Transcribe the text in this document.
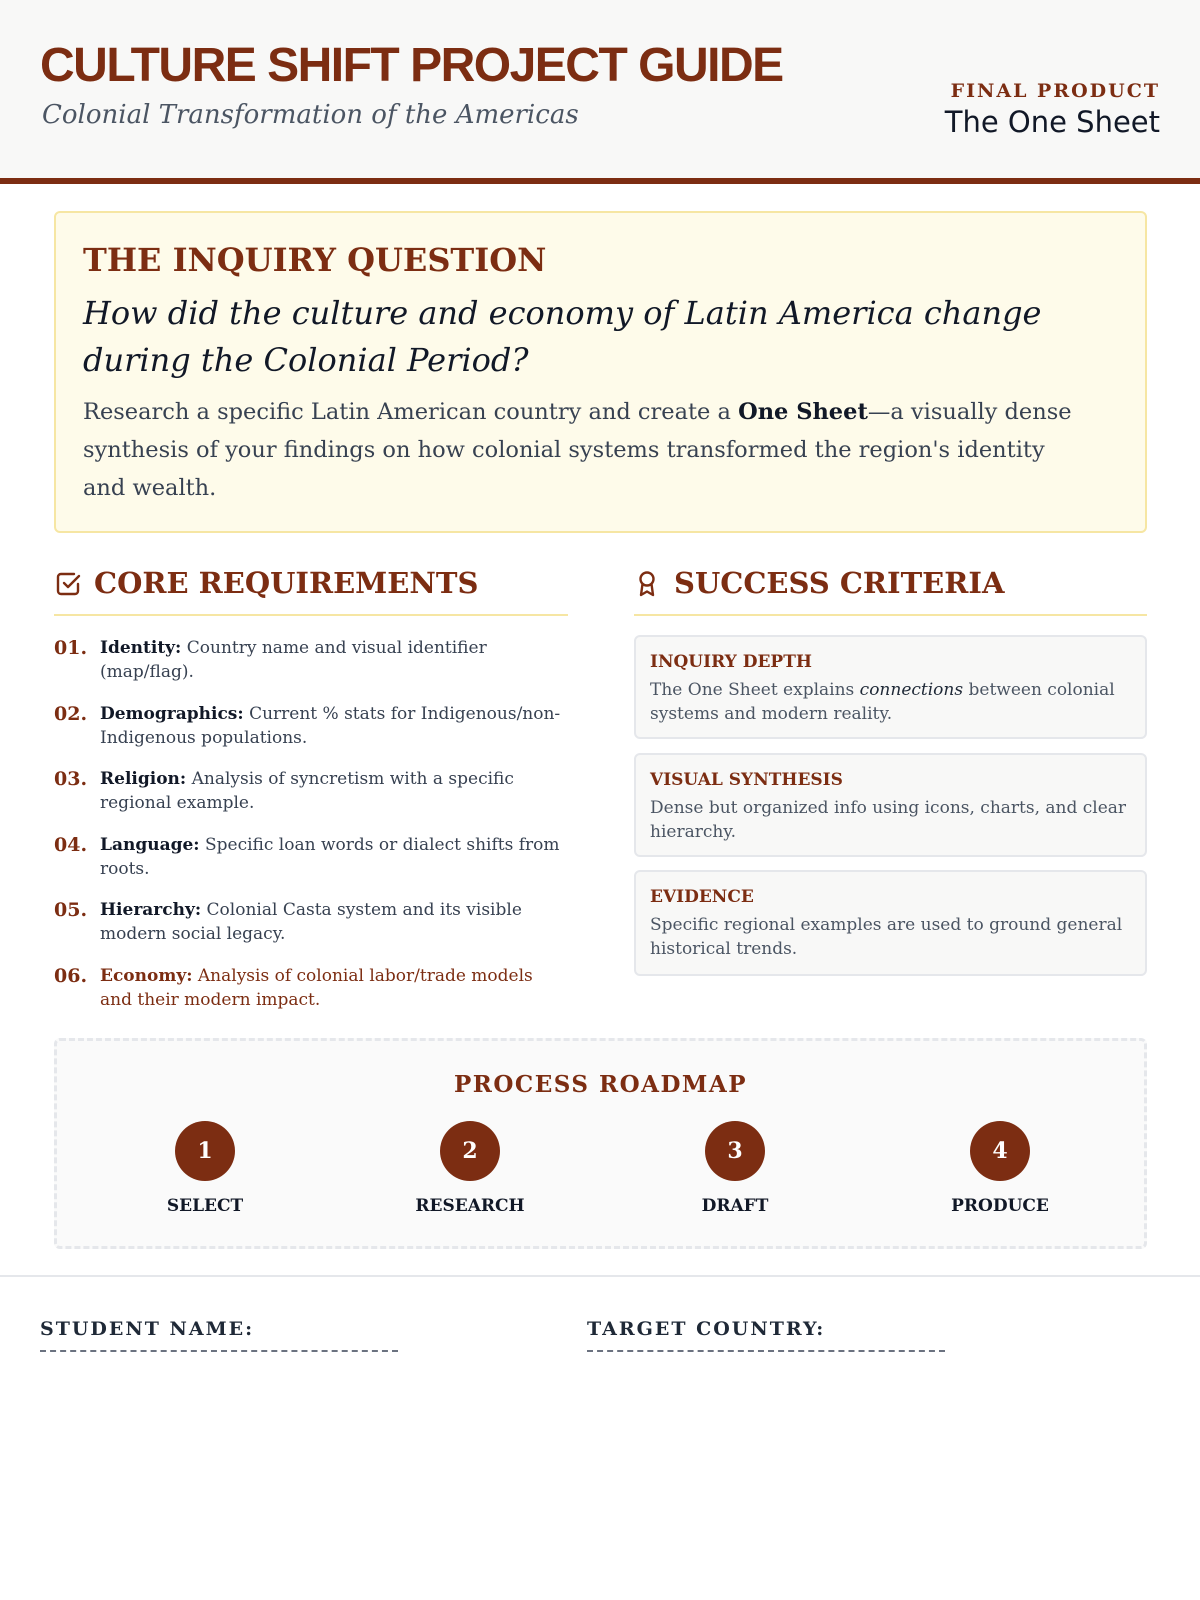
CULTURE SHIFT PROJECT GUIDE
Colonial Transformation of the Americas
FINAL PRODUCT
The One Sheet
THE INQUIRY QUESTION
How did the culture and economy of Latin America change during the Colonial Period?
Research a specific Latin American country and create a One Sheet—a visually dense synthesis of your findings on how colonial systems transformed the region's identity and wealth.
CORE REQUIREMENTS	SUCCESS CRITERIA
01. Identity: Country name and visual identifier (map/flag).
02. Demographics: Current % stats for Indigenous/non-Indigenous populations.
03. Religion: Analysis of syncretism with a specific regional example.
04. Language: Specific loan words or dialect shifts from roots.
05. Hierarchy: Colonial Casta system and its visible modern social legacy.
06. Economy: Analysis of colonial labor/trade models and their modern impact.
INQUIRY DEPTH
The One Sheet explains connections between colonial systems and modern reality.
VISUAL SYNTHESIS
Dense but organized info using icons, charts, and clear hierarchy.
EVIDENCE
Specific regional examples are used to ground general historical trends.
PROCESS ROADMAP
1
SELECT
2
RESEARCH
3
DRAFT
4
PRODUCE
STUDENT NAME:	TARGET COUNTRY:
